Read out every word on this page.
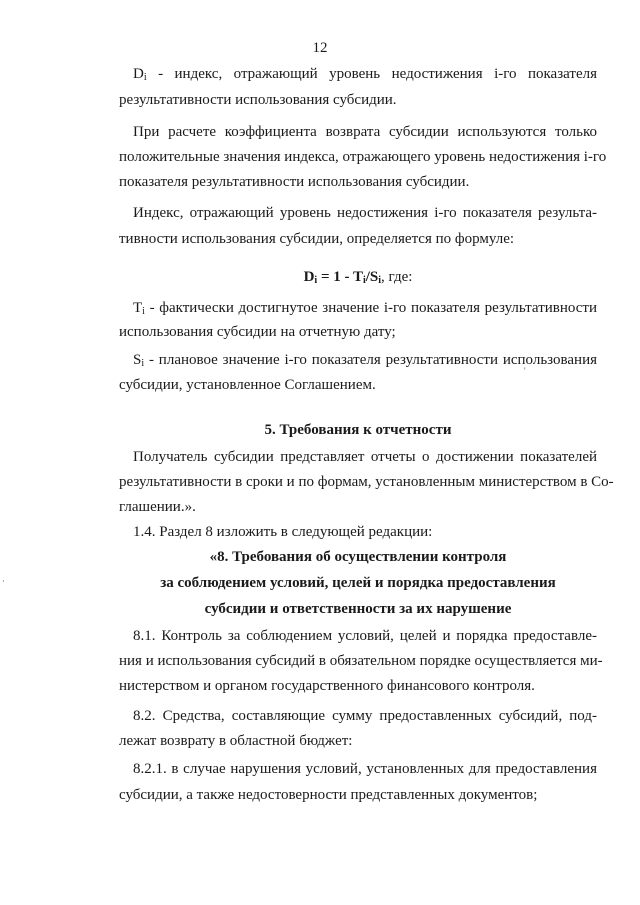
12
$D_i$ - индекс, отражающий уровень недостижения i-го показателя
результативности использования субсидии.
При расчете коэффициента возврата субсидии используются только
положительные значения индекса, отражающего уровень недостижения i-го
показателя результативности использования субсидии.
Индекс, отражающий уровень недостижения i-го показателя результа-
тивности использования субсидии, определяется по формуле:
$D_i = 1 - T_i/S_i$, где:
$T_i$ - фактически достигнутое значение i-го показателя результативности
использования субсидии на отчетную дату;
$S_i$ - плановое значение i-го показателя результативности использования
субсидии, установленное Соглашением.
5. Требования к отчетности
Получатель субсидии представляет отчеты о достижении показателей
результативности в сроки и по формам, установленным министерством в Со-
глашении.».
1.4. Раздел 8 изложить в следующей редакции:
«8. Требования об осуществлении контроля
за соблюдением условий, целей и порядка предоставления
субсидии и ответственности за их нарушение
8.1. Контроль за соблюдением условий, целей и порядка предоставле-
ния и использования субсидий в обязательном порядке осуществляется ми-
нистерством и органом государственного финансового контроля.
8.2. Средства, составляющие сумму предоставленных субсидий, под-
лежат возврату в областной бюджет:
8.2.1. в случае нарушения условий, установленных для предоставления
субсидии, а также недостоверности представленных документов;
'
·
